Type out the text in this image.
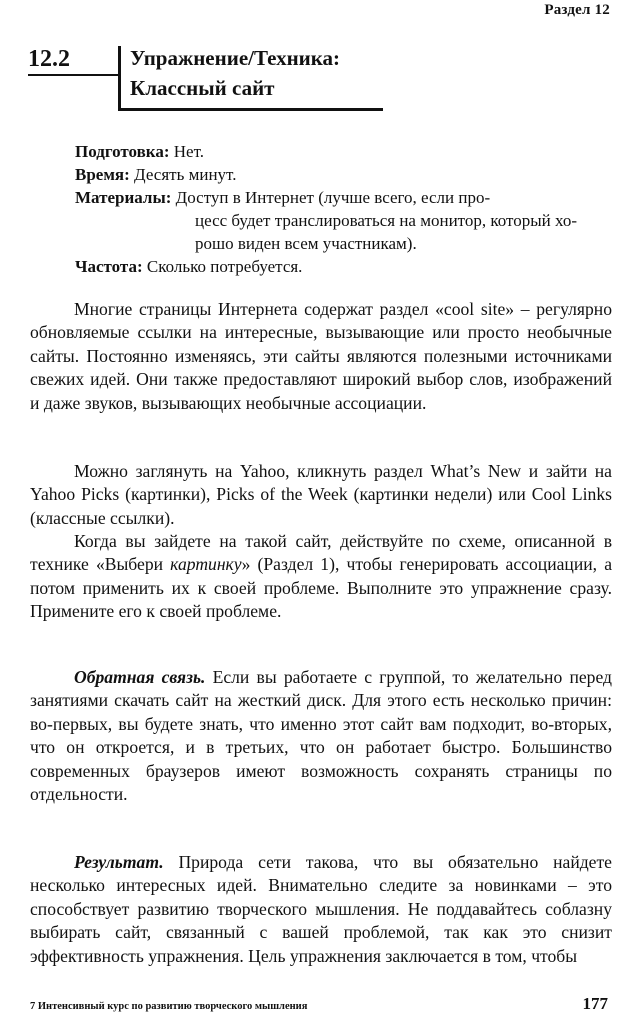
Раздел 12
12.2	Упражнение/Техника:
Классный сайт
Подготовка: Нет.
Время: Десять минут.
Материалы: Доступ в Интернет (лучше всего, если про-
цесс будет транслироваться на монитор, который хо-
рошо виден всем участникам).
Частота: Сколько потребуется.
Многие страницы Интернета содержат раздел «cool site» – регулярно обновляемые ссылки на интересные, вызывающие или просто необычные сайты. Постоянно изменяясь, эти сайты являются полезными источниками свежих идей. Они также предоставляют широкий выбор слов, изображений и даже звуков, вызывающих необычные ассоциации.
Можно заглянуть на Yahoo, кликнуть раздел What’s New и зайти на Yahoo Picks (картинки), Picks of the Week (картинки недели) или Cool Links (классные ссылки).
Когда вы зайдете на такой сайт, действуйте по схеме, описанной в технике «Выбери картинку» (Раздел 1), чтобы генерировать ассоциации, а потом применить их к своей проблеме. Выполните это упражнение сразу. Примените его к своей проблеме.
Обратная связь. Если вы работаете с группой, то желательно перед занятиями скачать сайт на жесткий диск. Для этого есть несколько причин: во-первых, вы будете знать, что именно этот сайт вам подходит, во-вторых, что он откроется, и в третьих, что он работает быстро. Большинство современных браузеров имеют возможность сохранять страницы по отдельности.
Результат. Природа сети такова, что вы обязательно найдете несколько интересных идей. Внимательно следите за новинками – это способствует развитию творческого мышления. Не поддавайтесь соблазну выбирать сайт, связанный с вашей проблемой, так как это снизит эффективность упражнения. Цель упражнения заключается в том, чтобы
7 Интенсивный курс по развитию творческого мышления	177
